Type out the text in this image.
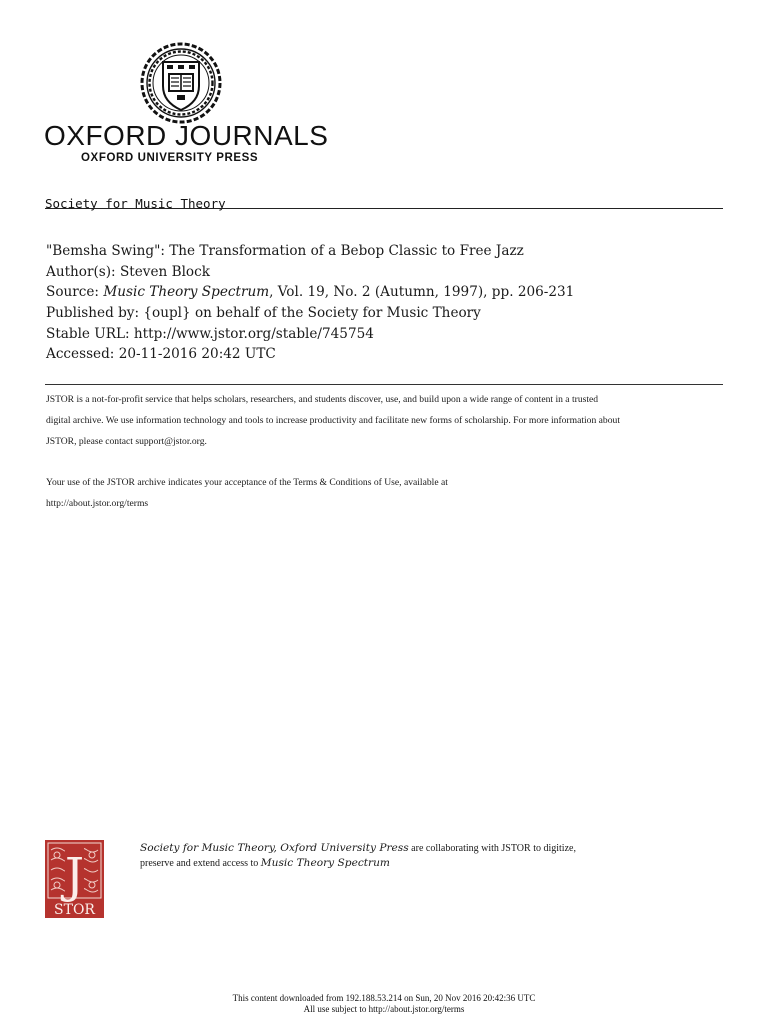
OXFORD JOURNALS
OXFORD UNIVERSITY PRESS
Society for Music Theory
"Bemsha Swing": The Transformation of a Bebop Classic to Free Jazz
Author(s): Steven Block
Source: Music Theory Spectrum, Vol. 19, No. 2 (Autumn, 1997), pp. 206-231
Published by: {oupl} on behalf of the Society for Music Theory
Stable URL: http://www.jstor.org/stable/745754
Accessed: 20-11-2016 20:42 UTC
JSTOR is a not-for-profit service that helps scholars, researchers, and students discover, use, and build upon a wide range of content in a trusted
digital archive. We use information technology and tools to increase productivity and facilitate new forms of scholarship. For more information about
JSTOR, please contact support@jstor.org.
Your use of the JSTOR archive indicates your acceptance of the Terms & Conditions of Use, available at
http://about.jstor.org/terms
J
STOR
Society for Music Theory, Oxford University Press are collaborating with JSTOR to digitize,
preserve and extend access to Music Theory Spectrum
This content downloaded from 192.188.53.214 on Sun, 20 Nov 2016 20:42:36 UTC
All use subject to http://about.jstor.org/terms
